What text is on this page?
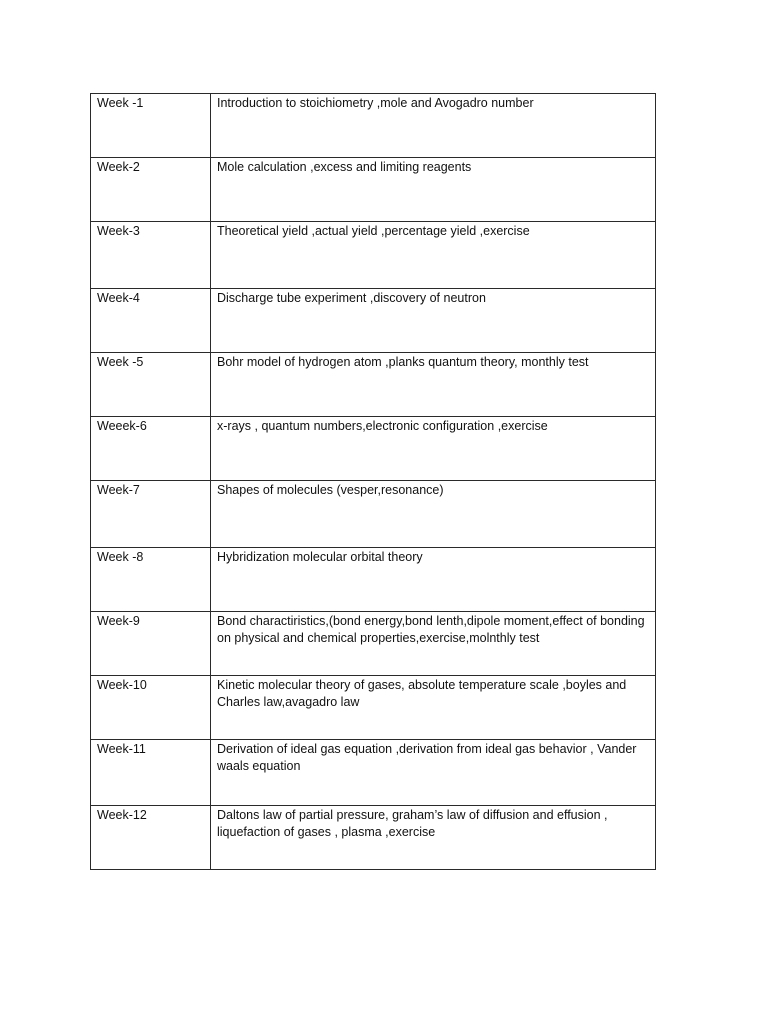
Week -1	Introduction to stoichiometry ,mole and Avogadro number
Week-2	Mole calculation ,excess and limiting reagents
Week-3	Theoretical yield ,actual yield ,percentage yield ,exercise
Week-4	Discharge tube experiment ,discovery of neutron
Week -5	Bohr model of hydrogen atom ,planks quantum theory, monthly test
Weeek-6	x-rays , quantum numbers,electronic configuration ,exercise
Week-7	Shapes of molecules (vesper,resonance)
Week -8	Hybridization molecular orbital theory
Week-9	Bond charactiristics,(bond energy,bond lenth,dipole moment,effect of bonding on physical and chemical properties,exercise,molnthly test
Week-10	Kinetic molecular theory of gases, absolute temperature scale ,boyles and Charles law,avagadro law
Week-11	Derivation of ideal gas equation ,derivation from ideal gas behavior , Vander waals equation
Week-12	Daltons law of partial pressure, graham’s law of diffusion and effusion , liquefaction of gases , plasma ,exercise
